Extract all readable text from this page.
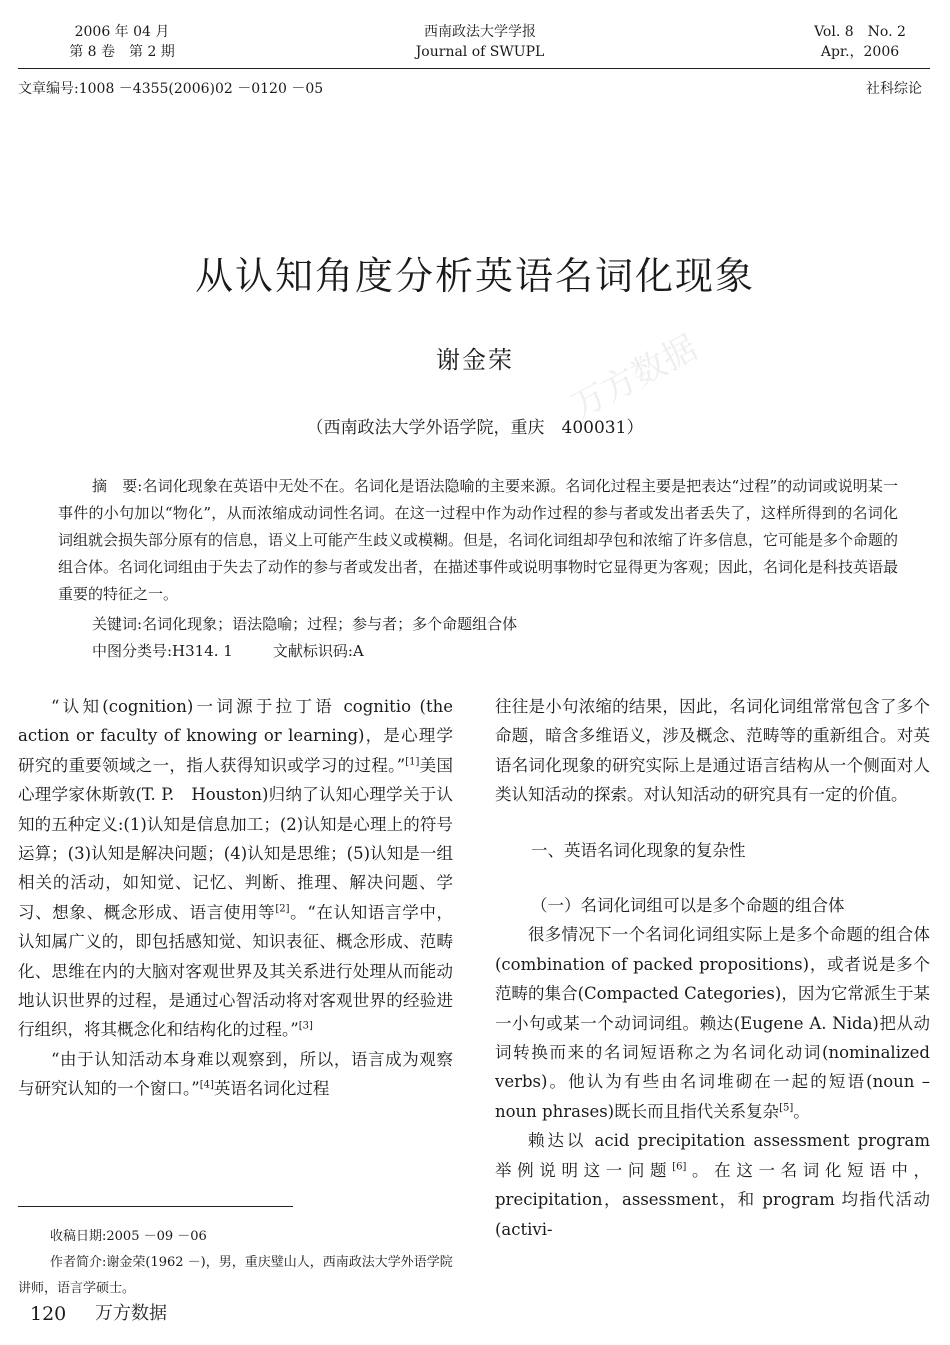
2006 年 04 月
第 8 卷　第 2 期
西南政法大学学报
Journal of SWUPL
Vol. 8　No. 2
Apr.，2006
文章编号:1008 －4355(2006)02 －0120 －05	社科综论
万方数据
从认知角度分析英语名词化现象
谢金荣
（西南政法大学外语学院，重庆　400031）
摘　要:名词化现象在英语中无处不在。名词化是语法隐喻的主要来源。名词化过程主要是把表达“过程”的动词或说明某一事件的小句加以“物化”，从而浓缩成动词性名词。在这一过程中作为动作过程的参与者或发出者丢失了，这样所得到的名词化词组就会损失部分原有的信息，语义上可能产生歧义或模糊。但是，名词化词组却孕包和浓缩了许多信息，它可能是多个命题的组合体。名词化词组由于失去了动作的参与者或发出者，在描述事件或说明事物时它显得更为客观；因此，名词化是科技英语最重要的特征之一。
关键词:名词化现象；语法隐喻；过程；参与者；多个命题组合体
中图分类号:H314. 1	文献标识码:A

“认知(cognition)一词源于拉丁语 cognitio (the action or faculty of knowing or learning)，是心理学研究的重要领域之一，指人获得知识或学习的过程。”[1]美国心理学家休斯敦(T. P.　Houston)归纳了认知心理学关于认知的五种定义:(1)认知是信息加工；(2)认知是心理上的符号运算；(3)认知是解决问题；(4)认知是思维；(5)认知是一组相关的活动，如知觉、记忆、判断、推理、解决问题、学习、想象、概念形成、语言使用等[2]。“在认知语言学中，认知属广义的，即包括感知觉、知识表征、概念形成、范畴化、思维在内的大脑对客观世界及其关系进行处理从而能动地认识世界的过程，是通过心智活动将对客观世界的经验进行组织，将其概念化和结构化的过程。”[3]

“由于认知活动本身难以观察到，所以，语言成为观察与研究认知的一个窗口。”[4]英语名词化过程

往往是小句浓缩的结果，因此，名词化词组常常包含了多个命题，暗含多维语义，涉及概念、范畴等的重新组合。对英语名词化现象的研究实际上是通过语言结构从一个侧面对人类认知活动的探索。对认知活动的研究具有一定的价值。

一、英语名词化现象的复杂性

（一）名词化词组可以是多个命题的组合体

很多情况下一个名词化词组实际上是多个命题的组合体(combination of packed propositions)，或者说是多个范畴的集合(Compacted Categories)，因为它常派生于某一小句或某一个动词词组。赖达(Eugene A. Nida)把从动词转换而来的名词短语称之为名词化动词(nominalized verbs)。他认为有些由名词堆砌在一起的短语(noun – noun phrases)既长而且指代关系复杂[5]。

赖达以 acid precipitation assessment program 举例说明这一问题[6]。在这一名词化短语中，precipitation，assessment，和 program 均指代活动(activi-

收稿日期:2005 －09 －06
作者简介:谢金荣(1962 －)，男，重庆璧山人，西南政法大学外语学院讲师，语言学硕士。
120 万方数据
